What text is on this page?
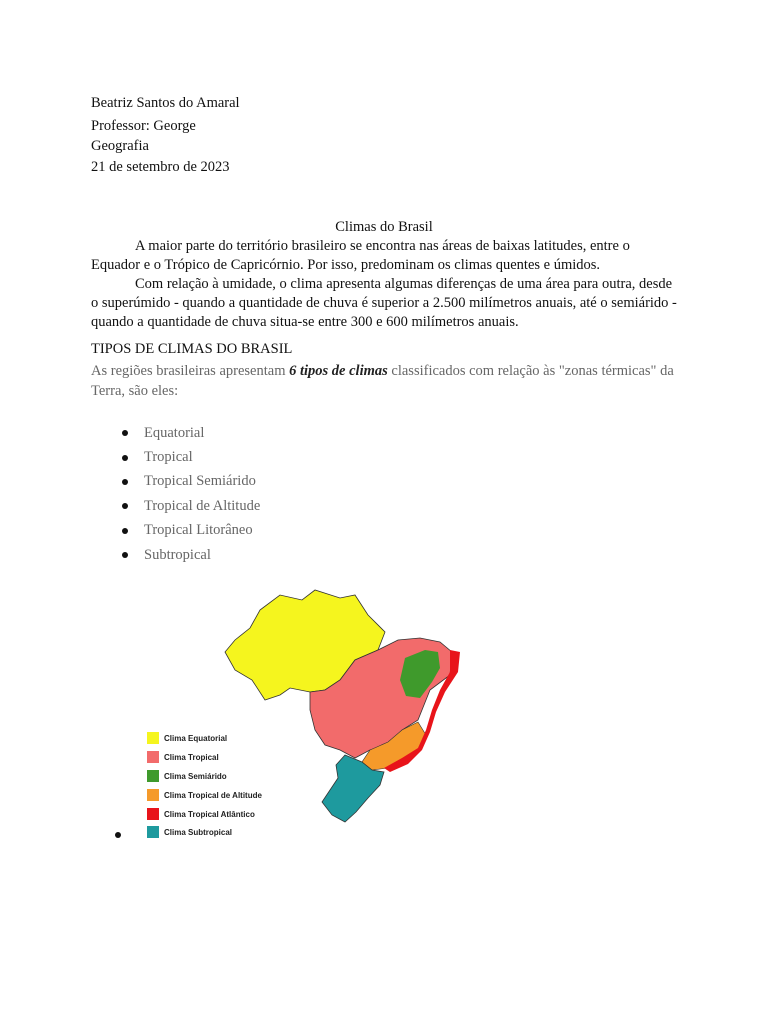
Beatriz Santos do Amaral
Professor: George
Geografia
21 de setembro de 2023
Climas do Brasil

A maior parte do território brasileiro se encontra nas áreas de baixas latitudes, entre o Equador e o Trópico de Capricórnio. Por isso, predominam os climas quentes e úmidos.

Com relação à umidade, o clima apresenta algumas diferenças de uma área para outra, desde o superúmido - quando a quantidade de chuva é superior a 2.500 milímetros anuais, até o semiárido - quando a quantidade de chuva situa-se entre 300 e 600 milímetros anuais.

TIPOS DE CLIMAS DO BRASIL

As regiões brasileiras apresentam 6 tipos de climas classificados com relação às "zonas térmicas" da Terra, são eles:

Equatorial
Tropical
Tropical Semiárido
Tropical de Altitude
Tropical Litorâneo
Subtropical
Clima Equatorial
Clima Tropical
Clima Semiárido
Clima Tropical de Altitude
Clima Tropical Atlântico
Clima Subtropical
